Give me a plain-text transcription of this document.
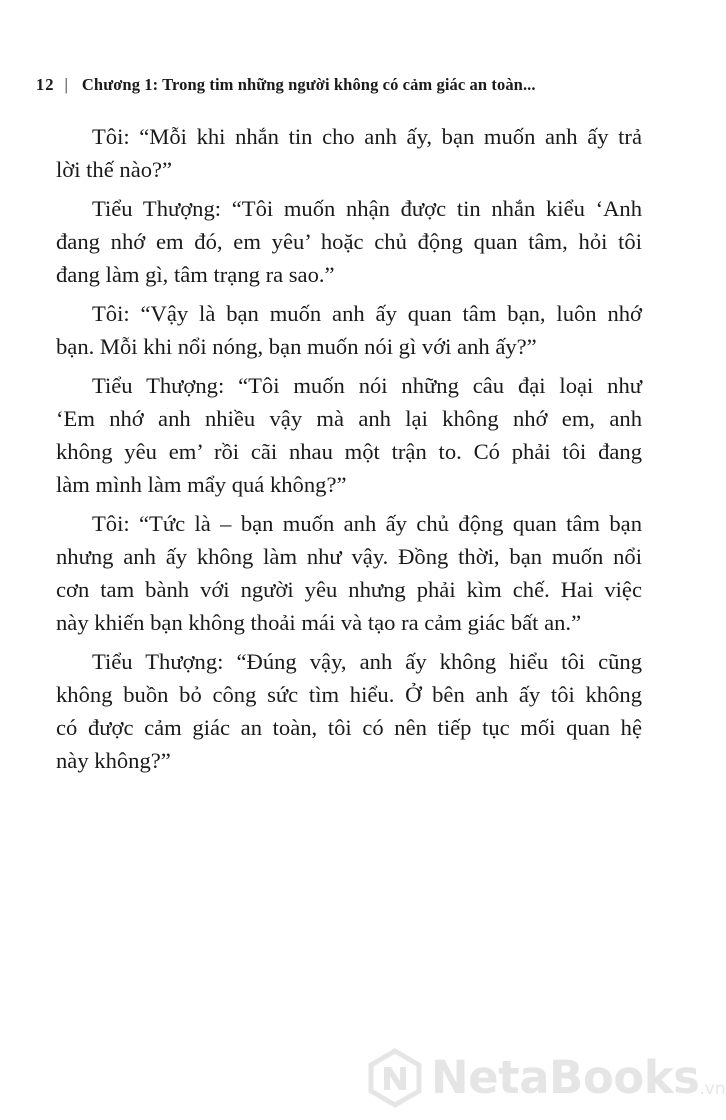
12 | Chương 1: Trong tim những người không có cảm giác an toàn...

Tôi: “Mỗi khi nhắn tin cho anh ấy, bạn muốn anh ấy trả
lời thế nào?”

Tiểu Thượng: “Tôi muốn nhận được tin nhắn kiểu ‘Anh
đang nhớ em đó, em yêu’ hoặc chủ động quan tâm, hỏi tôi
đang làm gì, tâm trạng ra sao.”

Tôi: “Vậy là bạn muốn anh ấy quan tâm bạn, luôn nhớ
bạn. Mỗi khi nổi nóng, bạn muốn nói gì với anh ấy?”

Tiểu Thượng: “Tôi muốn nói những câu đại loại như
‘Em nhớ anh nhiều vậy mà anh lại không nhớ em, anh
không yêu em’ rồi cãi nhau một trận to. Có phải tôi đang
làm mình làm mẩy quá không?”

Tôi: “Tức là – bạn muốn anh ấy chủ động quan tâm bạn
nhưng anh ấy không làm như vậy. Đồng thời, bạn muốn nổi
cơn tam bành với người yêu nhưng phải kìm chế. Hai việc
này khiến bạn không thoải mái và tạo ra cảm giác bất an.”

Tiểu Thượng: “Đúng vậy, anh ấy không hiểu tôi cũng
không buồn bỏ công sức tìm hiểu. Ở bên anh ấy tôi không
có được cảm giác an toàn, tôi có nên tiếp tục mối quan hệ
này không?”

NetaBooks .vn
